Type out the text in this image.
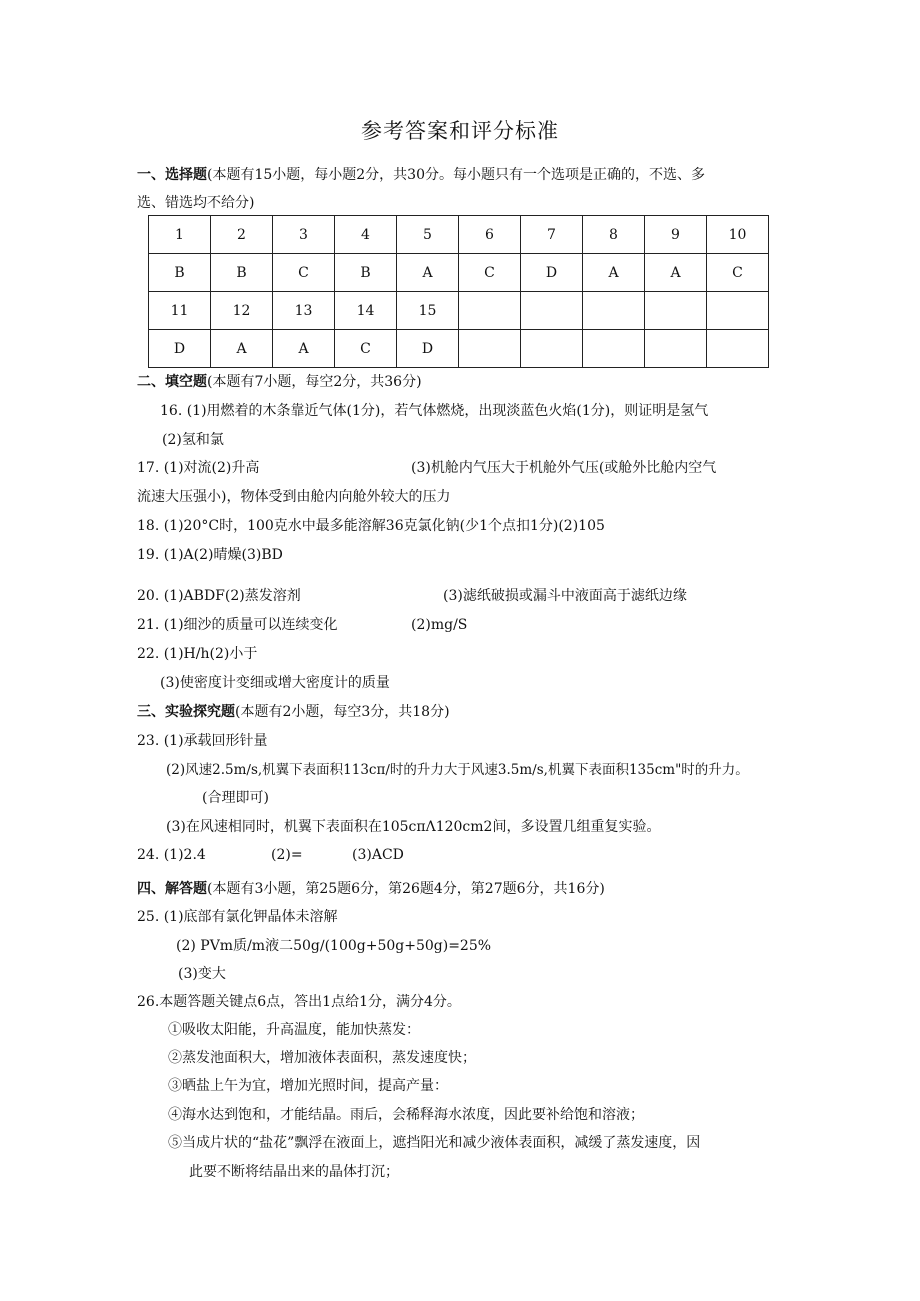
参考答案和评分标准
一、选择题(本题有15小题，每小题2分，共30分。每小题只有一个选项是正确的，不选、多
选、错选均不给分)
1	2	3	4	5	6	7	8	9	10
B	B	C	B	A	C	D	A	A	C
11	12	13	14	15					
D	A	A	C	D					
二、填空题(本题有7小题，每空2分，共36分)
16. (1)用燃着的木条靠近气体(1分)，若气体燃烧，出现淡蓝色火焰(1分)，则证明是氢气
(2)氢和氯
17. (1)对流(2)升高	(3)机舱内气压大于机舱外气压(或舱外比舱内空气
流速大压强小)，物体受到由舱内向舱外较大的压力
18. (1)20°C时，100克水中最多能溶解36克氯化钠(少1个点扣1分)(2)105
19. (1)A(2)晴燥(3)BD
20. (1)ABDF(2)蒸发溶剂	(3)滤纸破损或漏斗中液面高于滤纸边缘
21. (1)细沙的质量可以连续变化	(2)mg/S
22. (1)H/h(2)小于
(3)使密度计变细或增大密度计的质量
三、实验探究题(本题有2小题，每空3分，共18分)
23. (1)承载回形针量
(2)风速2.5m∕s,机翼下表面积113cπ∕时的升力大于风速3.5m∕s,机翼下表面积135cm"时的升力。
(合理即可)
(3)在风速相同时，机翼下表面积在105cπΛ120cm2间，多设置几组重复实验。
24. (1)2.4	(2)=	(3)ACD
四、解答题(本题有3小题，第25题6分，第26题4分，第27题6分，共16分)
25. (1)底部有氯化钾晶体未溶解
(2) PVm质/m液二50g∕(100g+50g+50g)=25%
(3)变大
26.本题答题关键点6点，答出1点给1分，满分4分。
①吸收太阳能，升高温度，能加快蒸发：
②蒸发池面积大，增加液体表面积，蒸发速度快；
③晒盐上午为宜，增加光照时间，提高产量：
④海水达到饱和，才能结晶。雨后，会稀释海水浓度，因此要补给饱和溶液；
⑤当成片状的“盐花”飘浮在液面上，遮挡阳光和减少液体表面积，减缓了蒸发速度，因
此要不断将结晶出来的晶体打沉；
